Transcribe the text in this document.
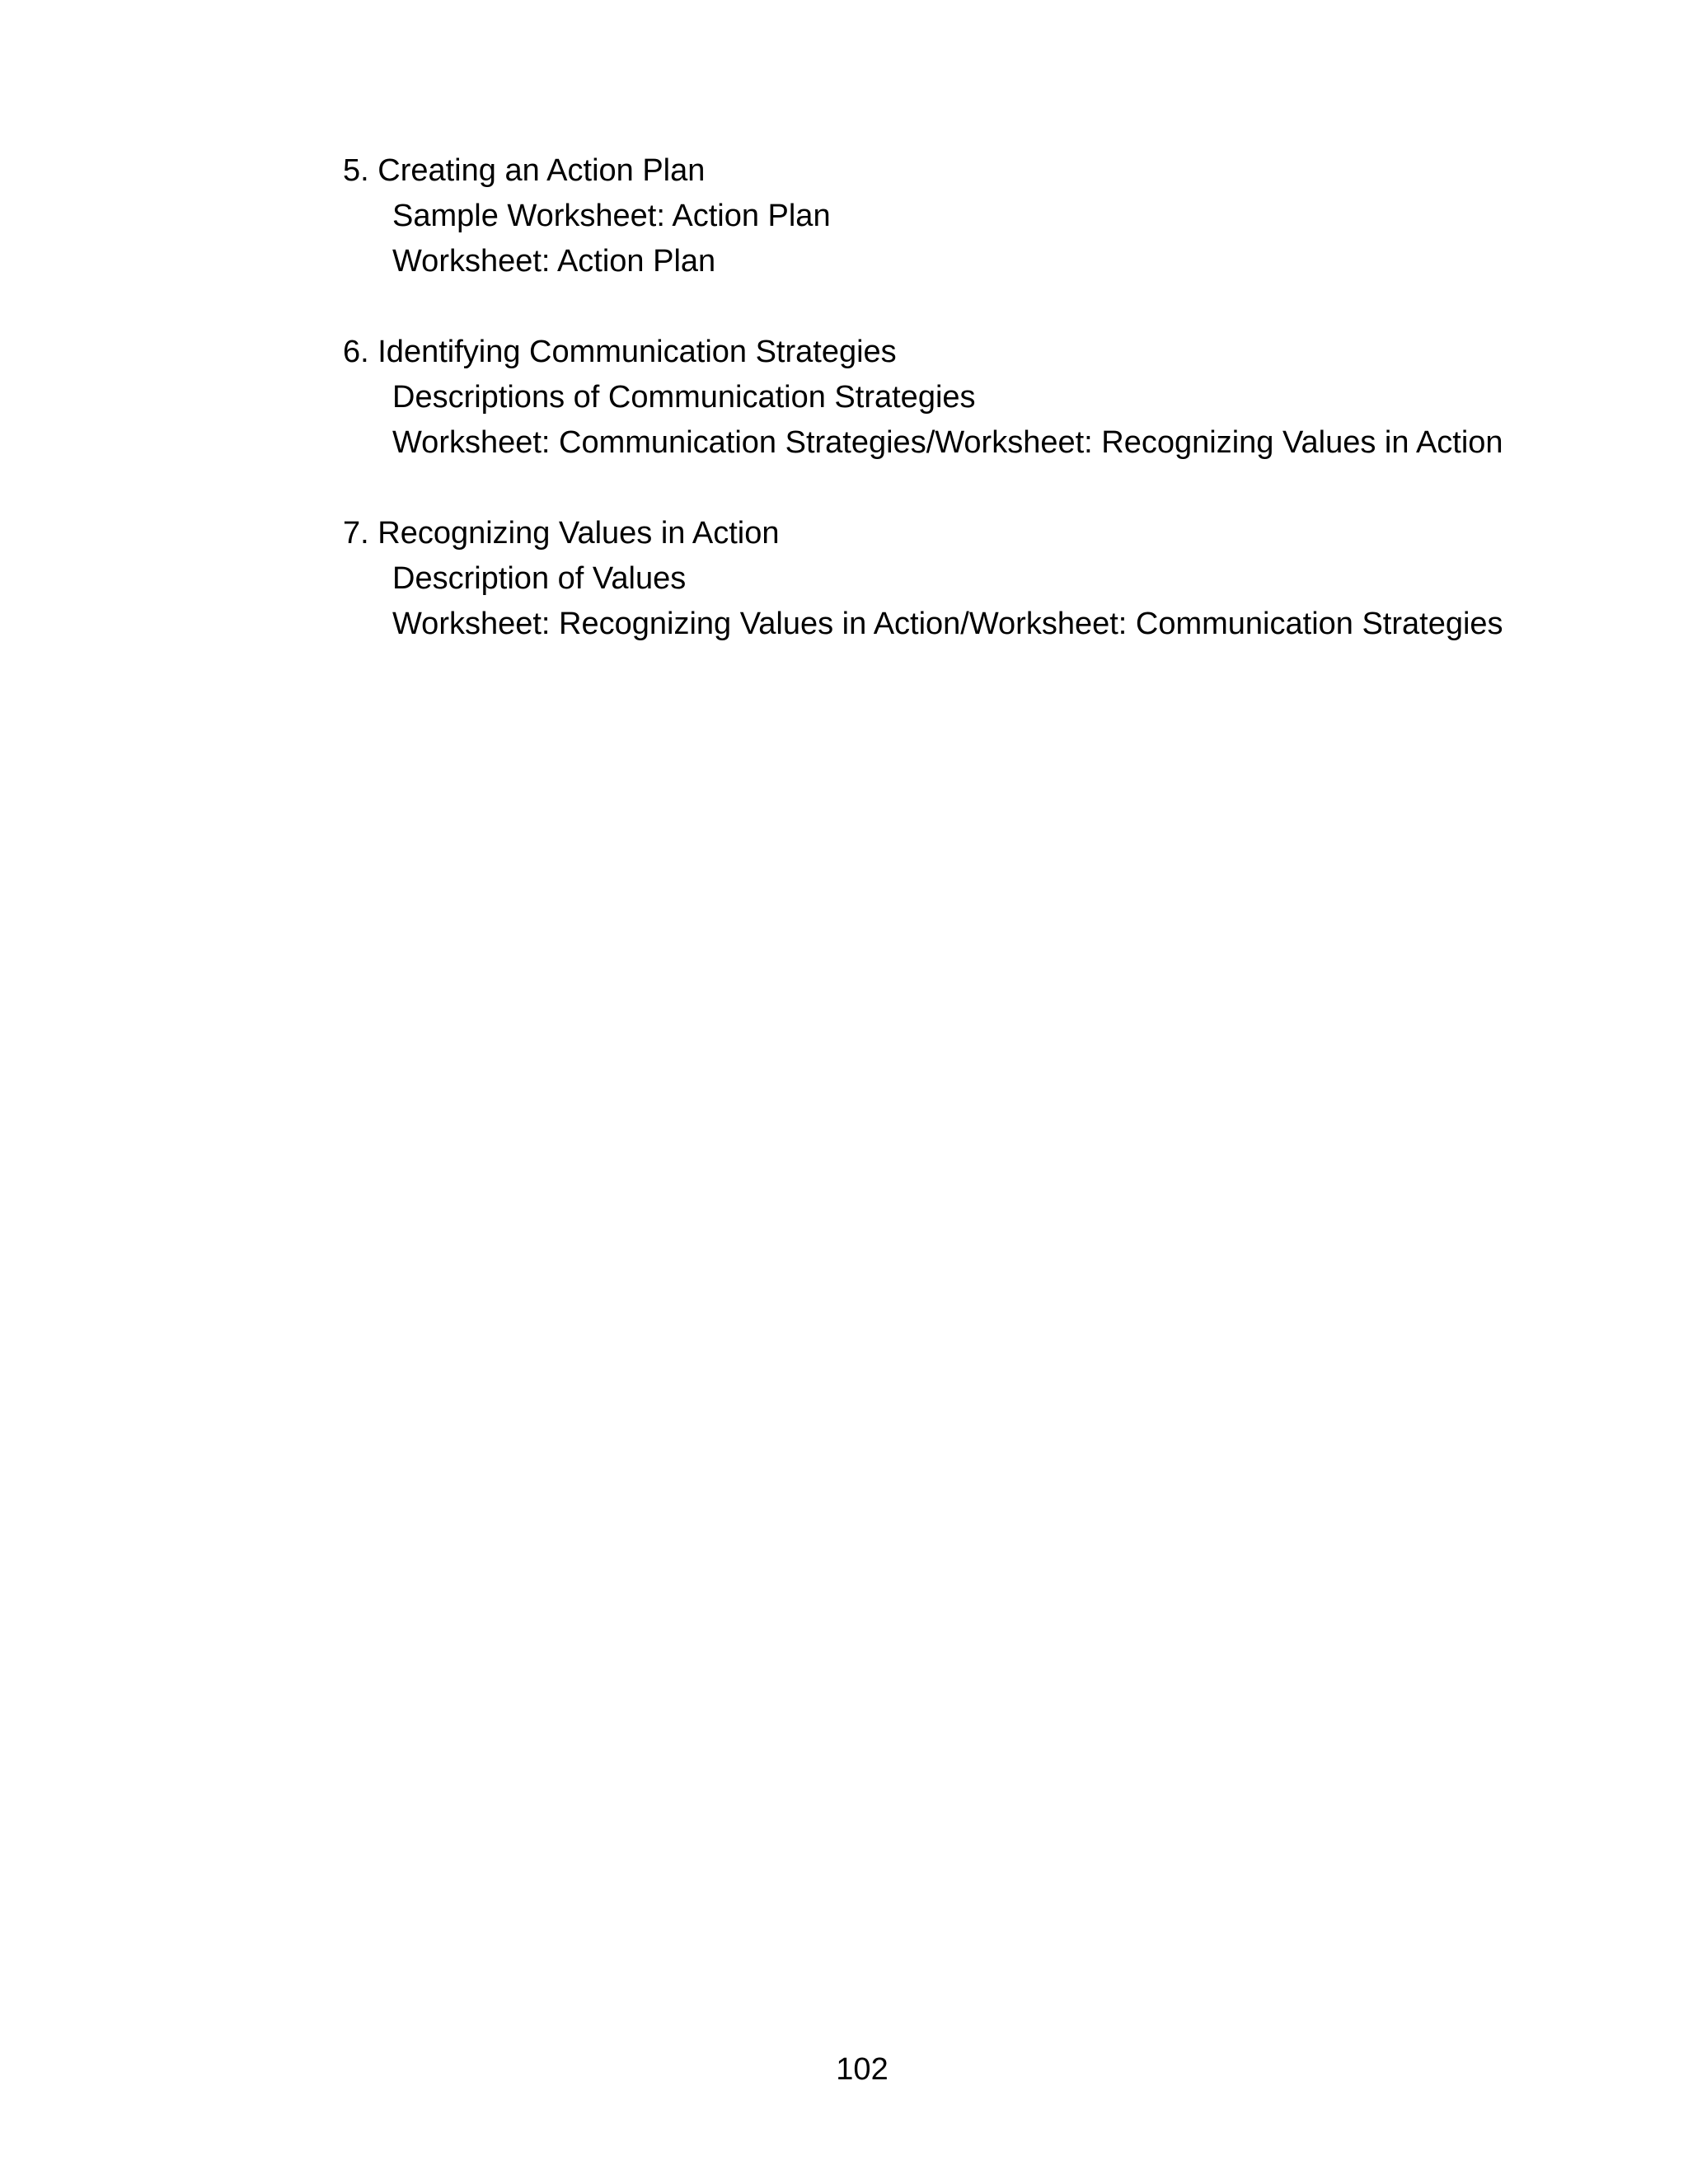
5. Creating an Action Plan
Sample Worksheet: Action Plan
Worksheet: Action Plan
6. Identifying Communication Strategies
Descriptions of Communication Strategies
Worksheet: Communication Strategies/Worksheet: Recognizing Values in Action
7. Recognizing Values in Action
Description of Values
Worksheet: Recognizing Values in Action/Worksheet: Communication Strategies
102
